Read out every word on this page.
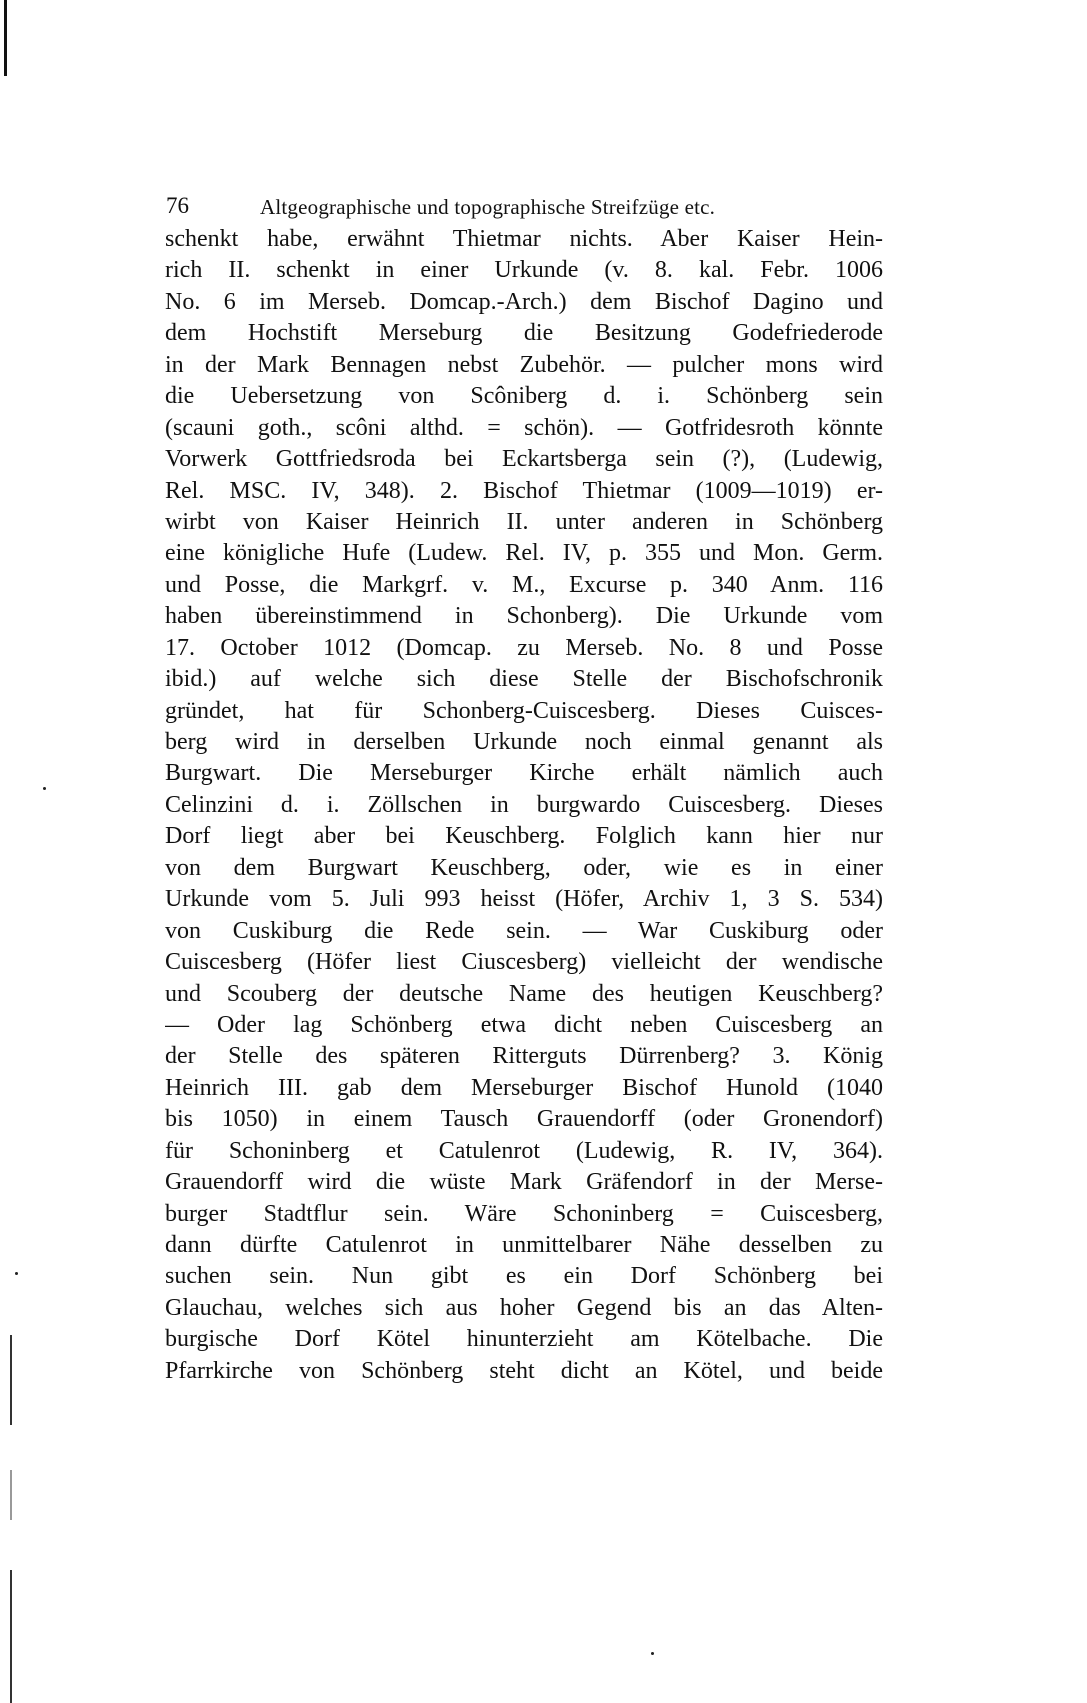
76	Altgeographische und topographische Streifzüge etc.
schenkt habe, erwähnt Thietmar nichts. Aber Kaiser Hein-
rich II. schenkt in einer Urkunde (v. 8. kal. Febr. 1006
No. 6 im Merseb. Domcap.-Arch.) dem Bischof Dagino und
dem Hochstift Merseburg die Besitzung Godefriederode
in der Mark Bennagen nebst Zubehör. — pulcher mons wird
die Uebersetzung von Scôniberg d. i. Schönberg sein
(scauni goth., scôni althd. = schön). — Gotfridesroth könnte
Vorwerk Gottfriedsroda bei Eckartsberga sein (?), (Ludewig,
Rel. MSC. IV, 348). 2. Bischof Thietmar (1009—1019) er-
wirbt von Kaiser Heinrich II. unter anderen in Schönberg
eine königliche Hufe (Ludew. Rel. IV, p. 355 und Mon. Germ.
und Posse, die Markgrf. v. M., Excurse p. 340 Anm. 116
haben übereinstimmend in Schonberg). Die Urkunde vom
17. October 1012 (Domcap. zu Merseb. No. 8 und Posse
ibid.) auf welche sich diese Stelle der Bischofschronik
gründet, hat für Schonberg-Cuiscesberg. Dieses Cuisces-
berg wird in derselben Urkunde noch einmal genannt als
Burgwart. Die Merseburger Kirche erhält nämlich auch
Celinzini d. i. Zöllschen in burgwardo Cuiscesberg. Dieses
Dorf liegt aber bei Keuschberg. Folglich kann hier nur
von dem Burgwart Keuschberg, oder, wie es in einer
Urkunde vom 5. Juli 993 heisst (Höfer, Archiv 1, 3 S. 534)
von Cuskiburg die Rede sein. — War Cuskiburg oder
Cuiscesberg (Höfer liest Ciuscesberg) vielleicht der wendische
und Scouberg der deutsche Name des heutigen Keuschberg?
— Oder lag Schönberg etwa dicht neben Cuiscesberg an
der Stelle des späteren Ritterguts Dürrenberg? 3. König
Heinrich III. gab dem Merseburger Bischof Hunold (1040
bis 1050) in einem Tausch Grauendorff (oder Gronendorf)
für Schoninberg et Catulenrot (Ludewig, R. IV, 364).
Grauendorff wird die wüste Mark Gräfendorf in der Merse-
burger Stadtflur sein. Wäre Schoninberg = Cuiscesberg,
dann dürfte Catulenrot in unmittelbarer Nähe desselben zu
suchen sein. Nun gibt es ein Dorf Schönberg bei
Glauchau, welches sich aus hoher Gegend bis an das Alten-
burgische Dorf Kötel hinunterzieht am Kötelbache. Die
Pfarrkirche von Schönberg steht dicht an Kötel, und beide
